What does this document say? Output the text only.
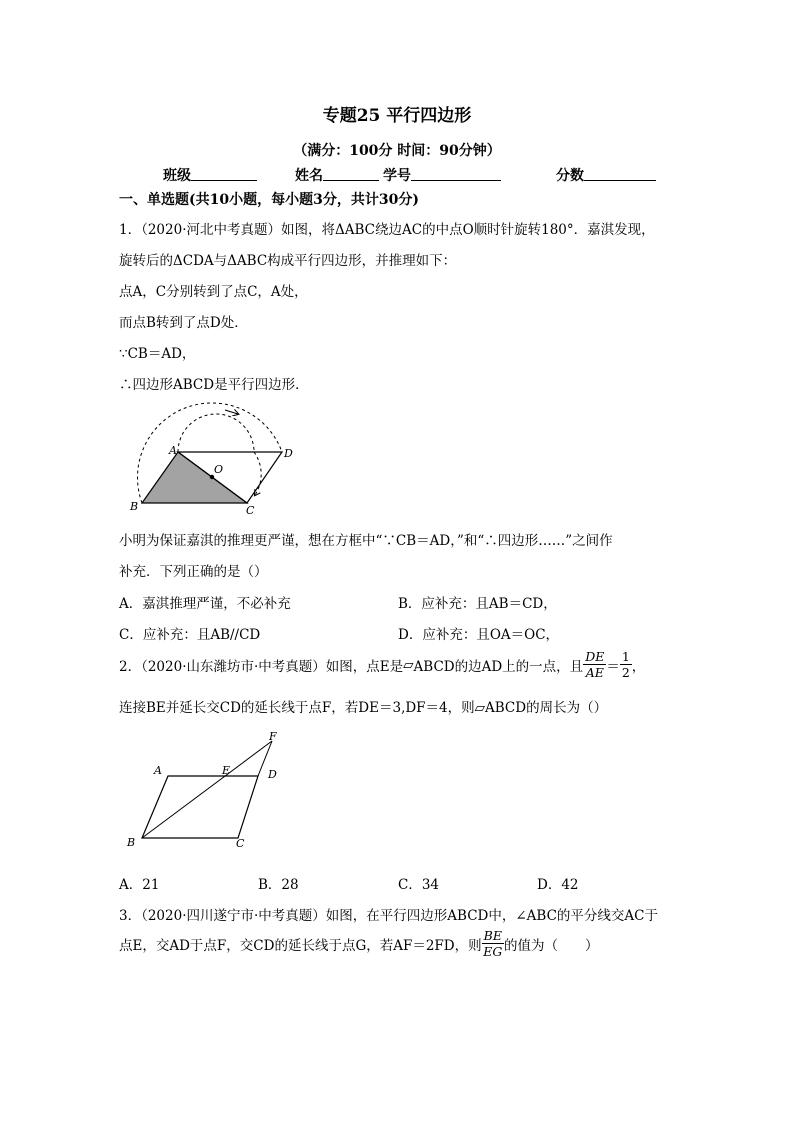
专题25 平行四边形
（满分：100分 时间：90分钟）
班级	姓名	学号	分数
一、单选题(共10小题，每小题3分，共计30分)
1．（2020·河北中考真题）如图，将ΔABC绕边AC的中点O顺时针旋转180°．嘉淇发现，
旋转后的ΔCDA与ΔABC构成平行四边形，并推理如下：
点A，C分别转到了点C，A处，
而点B转到了点D处．
∵CB＝AD，
∴四边形ABCD是平行四边形．
A	D
O
B	C
小明为保证嘉淇的推理更严谨，想在方框中“∵CB＝AD，”和“∴四边形……”之间作
补充．下列正确的是（）
A．嘉淇推理严谨，不必补充	B．应补充：且AB＝CD，
C．应补充：且AB//CD	D．应补充：且OA＝OC，
2．（2020·山东潍坊市·中考真题）如图，点E是 ▱ ABCD的边AD上的一点，且 $\frac{DE}{AE} = \frac{1}{2}$ ，
连接BE并延长交CD的延长线于点F，若DE＝3,DF＝4，则▱ABCD的周长为（）
F
A	E	D
B	C
A．21	B．28	C．34	D．42
3．（2020·四川遂宁市·中考真题）如图，在平行四边形ABCD中，∠ABC的平分线交AC于
点E，交AD于点F，交CD的延长线于点G，若AF＝2FD，则 $\frac{BE}{EG}$ 的值为（　　）
